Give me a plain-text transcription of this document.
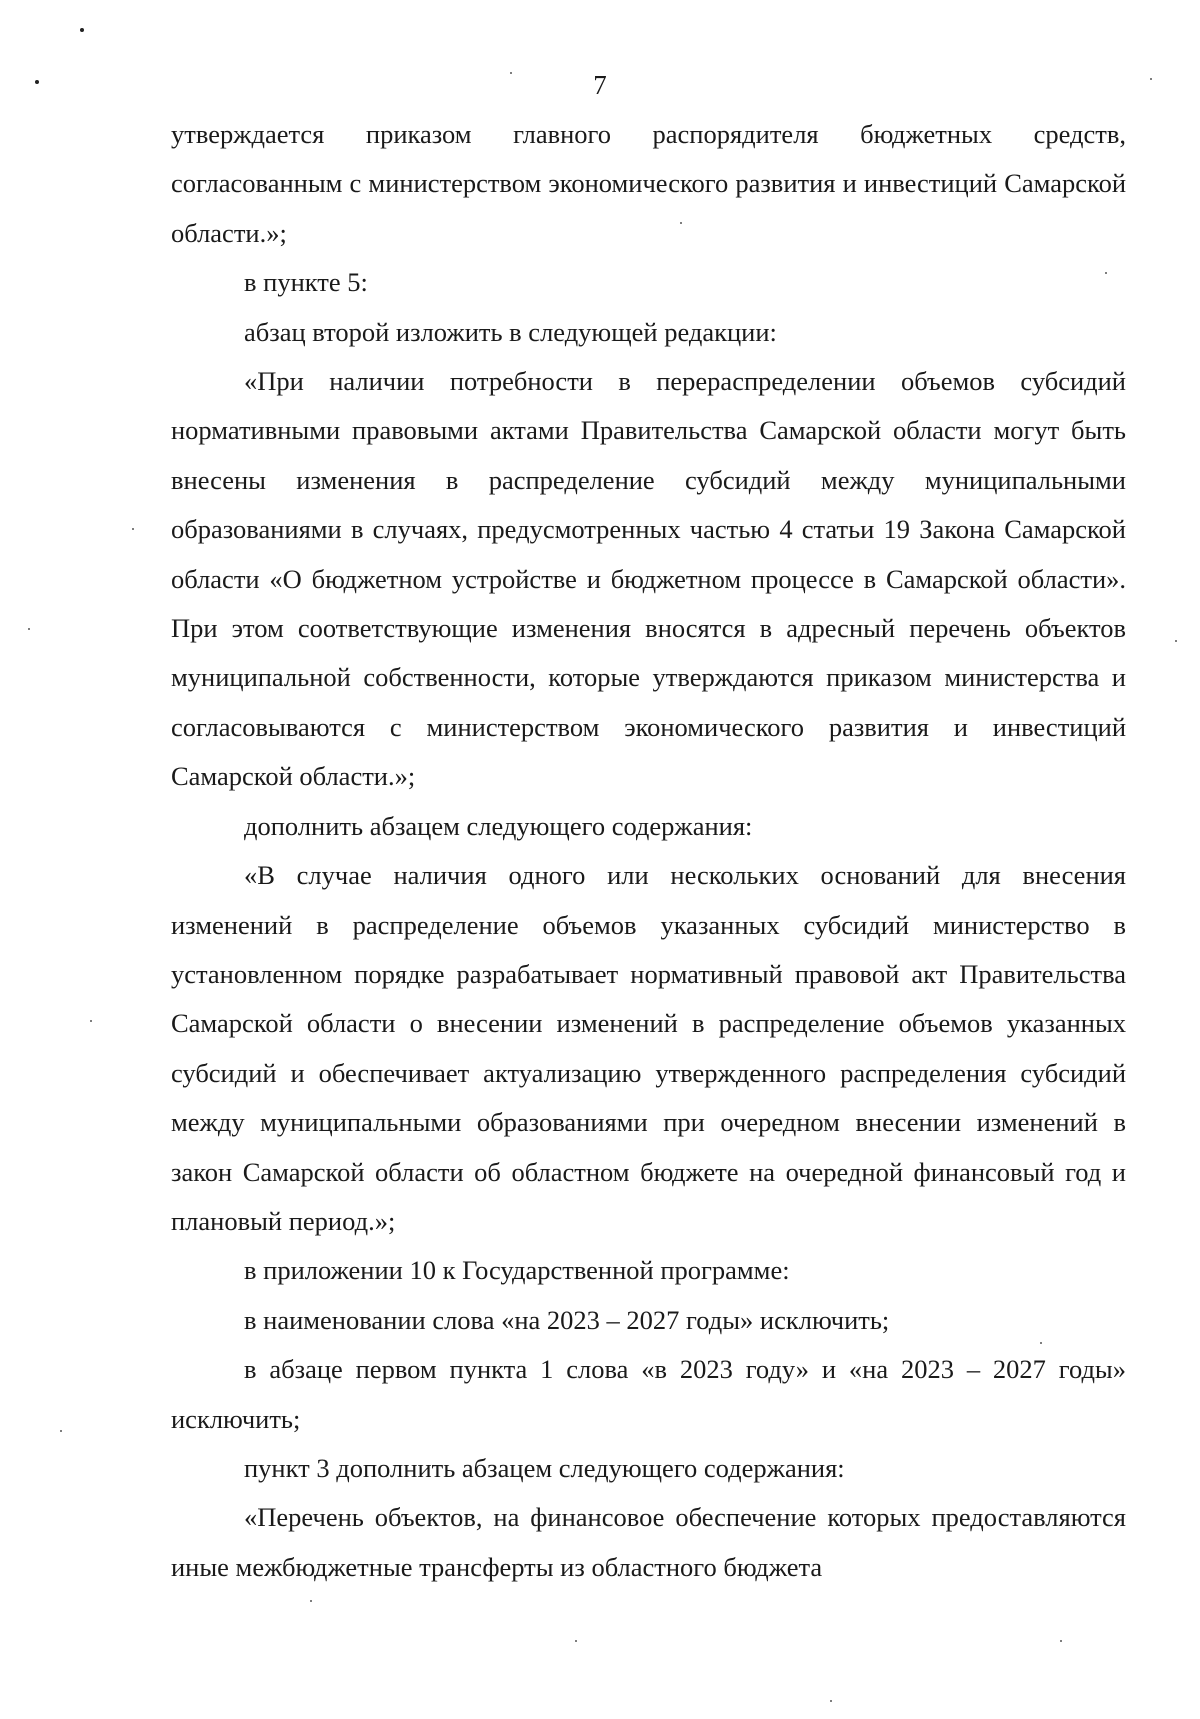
7

утверждается приказом главного распорядителя бюджетных средств, согласованным с министерством экономического развития и инвестиций Самарской области.»;

в пункте 5:

абзац второй изложить в следующей редакции:

«При наличии потребности в перераспределении объемов субсидий нормативными правовыми актами Правительства Самарской области могут быть внесены изменения в распределение субсидий между муниципальными образованиями в случаях, предусмотренных частью 4 статьи 19 Закона Самарской области «О бюджетном устройстве и бюджетном процессе в Самарской области». При этом соответствующие изменения вносятся в адресный перечень объектов муниципальной собственности, которые утверждаются приказом министерства и согласовываются с министерством экономического развития и инвестиций Самарской области.»;

дополнить абзацем следующего содержания:

«В случае наличия одного или нескольких оснований для внесения изменений в распределение объемов указанных субсидий министерство в установленном порядке разрабатывает нормативный правовой акт Правительства Самарской области о внесении изменений в распределение объемов указанных субсидий и обеспечивает актуализацию утвержденного распределения субсидий между муниципальными образованиями при очередном внесении изменений в закон Самарской области об областном бюджете на очередной финансовый год и плановый период.»;

в приложении 10 к Государственной программе:

в наименовании слова «на 2023 – 2027 годы» исключить;

в абзаце первом пункта 1 слова «в 2023 году» и «на 2023 – 2027 годы» исключить;

пункт 3 дополнить абзацем следующего содержания:

«Перечень объектов, на финансовое обеспечение которых предоставляются иные межбюджетные трансферты из областного бюджета
